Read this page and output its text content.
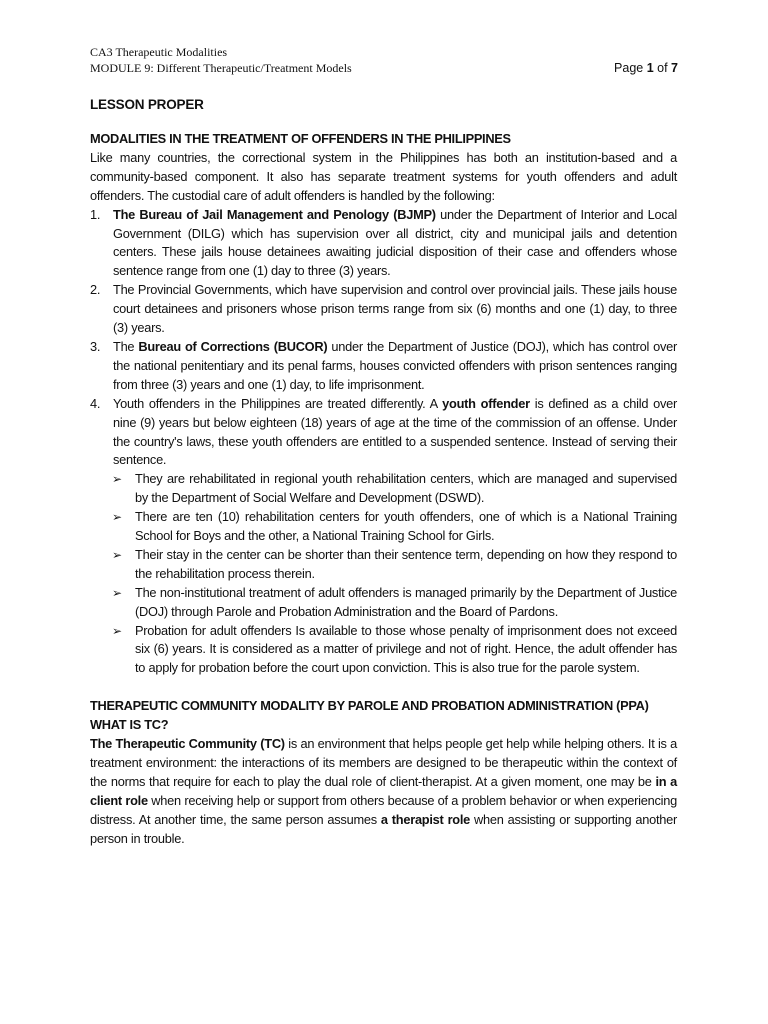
CA3 Therapeutic Modalities
MODULE 9: Different Therapeutic/Treatment Models	Page 1 of 7
LESSON PROPER
MODALITIES IN THE TREATMENT OF OFFENDERS IN THE PHILIPPINES
Like many countries, the correctional system in the Philippines has both an institution-based and a community-based component. It also has separate treatment systems for youth offenders and adult offenders. The custodial care of adult offenders is handled by the following:
1. The Bureau of Jail Management and Penology (BJMP) under the Department of Interior and Local Government (DILG) which has supervision over all district, city and municipal jails and detention centers. These jails house detainees awaiting judicial disposition of their case and offenders whose sentence range from one (1) day to three (3) years.
2. The Provincial Governments, which have supervision and control over provincial jails. These jails house court detainees and prisoners whose prison terms range from six (6) months and one (1) day, to three (3) years.
3. The Bureau of Corrections (BUCOR) under the Department of Justice (DOJ), which has control over the national penitentiary and its penal farms, houses convicted offenders with prison sentences ranging from three (3) years and one (1) day, to life imprisonment.
4. Youth offenders in the Philippines are treated differently. A youth offender is defined as a child over nine (9) years but below eighteen (18) years of age at the time of the commission of an offense. Under the country's laws, these youth offenders are entitled to a suspended sentence. Instead of serving their sentence.
➢ They are rehabilitated in regional youth rehabilitation centers, which are managed and supervised by the Department of Social Welfare and Development (DSWD).
➢ There are ten (10) rehabilitation centers for youth offenders, one of which is a National Training School for Boys and the other, a National Training School for Girls.
➢ Their stay in the center can be shorter than their sentence term, depending on how they respond to the rehabilitation process therein.
➢ The non-institutional treatment of adult offenders is managed primarily by the Department of Justice (DOJ) through Parole and Probation Administration and the Board of Pardons.
➢ Probation for adult offenders Is available to those whose penalty of imprisonment does not exceed six (6) years. It is considered as a matter of privilege and not of right. Hence, the adult offender has to apply for probation before the court upon conviction. This is also true for the parole system.
THERAPEUTIC COMMUNITY MODALITY BY PAROLE AND PROBATION ADMINISTRATION (PPA)
WHAT IS TC?
The Therapeutic Community (TC) is an environment that helps people get help while helping others. It is a treatment environment: the interactions of its members are designed to be therapeutic within the context of the norms that require for each to play the dual role of client-therapist. At a given moment, one may be in a client role when receiving help or support from others because of a problem behavior or when experiencing distress. At another time, the same person assumes a therapist role when assisting or supporting another person in trouble.
